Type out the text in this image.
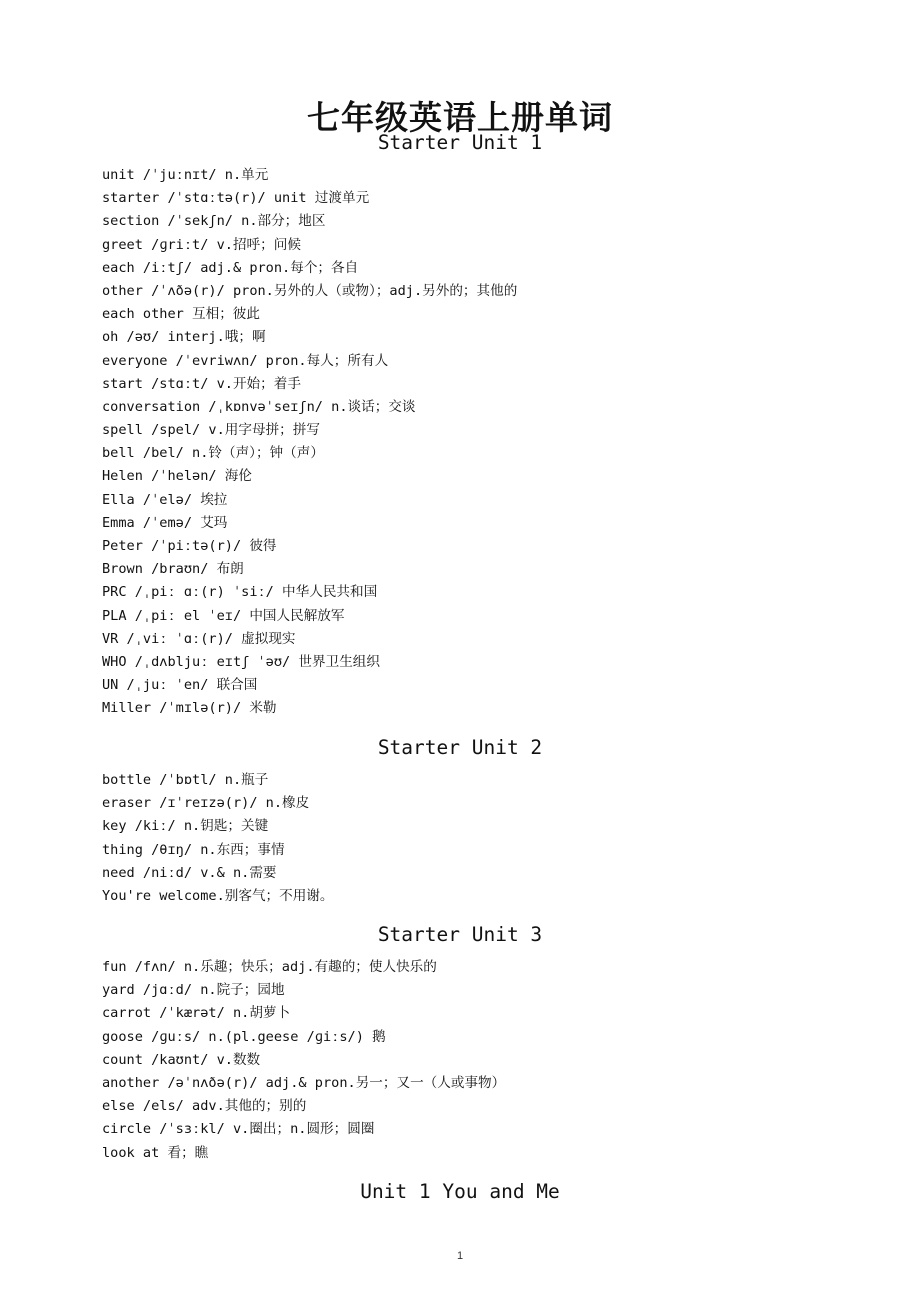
七年级英语上册单词
Starter Unit 1
unit /ˈjuːnɪt/ n.单元
starter /ˈstɑːtə(r)/ unit 过渡单元
section /ˈsekʃn/ n.部分；地区
greet /ɡriːt/ v.招呼；问候
each /iːtʃ/ adj.& pron.每个；各自
other /ˈʌðə(r)/ pron.另外的人（或物）；adj.另外的；其他的
each other 互相；彼此
oh /əʊ/ interj.哦；啊
everyone /ˈevriwʌn/ pron.每人；所有人
start /stɑːt/ v.开始；着手
conversation /ˌkɒnvəˈseɪʃn/ n.谈话；交谈
spell /spel/ v.用字母拼；拼写
bell /bel/ n.铃（声）；钟（声）
Helen /ˈhelən/ 海伦
Ella /ˈelə/ 埃拉
Emma /ˈemə/ 艾玛
Peter /ˈpiːtə(r)/ 彼得
Brown /braʊn/ 布朗
PRC /ˌpiː ɑː(r) ˈsiː/ 中华人民共和国
PLA /ˌpiː el ˈeɪ/ 中国人民解放军
VR /ˌviː ˈɑː(r)/ 虚拟现实
WHO /ˌdʌbljuː eɪtʃ ˈəʊ/ 世界卫生组织
UN /ˌjuː ˈen/ 联合国
Miller /ˈmɪlə(r)/ 米勒
Starter Unit 2
bottle /ˈbɒtl/ n.瓶子
eraser /ɪˈreɪzə(r)/ n.橡皮
key /kiː/ n.钥匙；关键
thing /θɪŋ/ n.东西；事情
need /niːd/ v.& n.需要
You're welcome.别客气；不用谢。
Starter Unit 3
fun /fʌn/ n.乐趣；快乐；adj.有趣的；使人快乐的
yard /jɑːd/ n.院子；园地
carrot /ˈkærət/ n.胡萝卜
goose /ɡuːs/ n.(pl.geese /ɡiːs/) 鹅
count /kaʊnt/ v.数数
another /əˈnʌðə(r)/ adj.& pron.另一；又一（人或事物）
else /els/ adv.其他的；别的
circle /ˈsɜːkl/ v.圈出；n.圆形；圆圈
look at 看；瞧
Unit 1 You and Me
1
